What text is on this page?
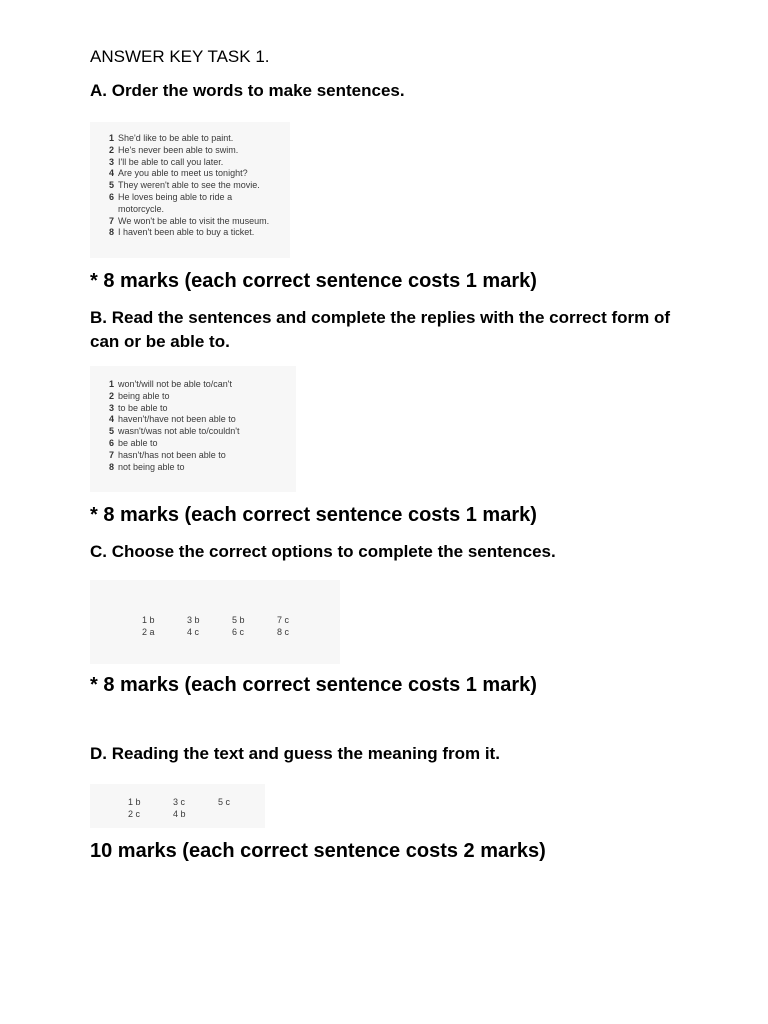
ANSWER KEY TASK 1.
A. Order the words to make sentences.
1 She'd like to be able to paint.
2 He's never been able to swim.
3 I'll be able to call you later.
4 Are you able to meet us tonight?
5 They weren't able to see the movie.
6 He loves being able to ride a motorcycle.
7 We won't be able to visit the museum.
8 I haven't been able to buy a ticket.

* 8 marks (each correct sentence costs 1 mark)

B. Read the sentences and complete the replies with the correct form of can or be able to.
1 won't/will not be able to/can't
2 being able to
3 to be able to
4 haven't/have not been able to
5 wasn't/was not able to/couldn't
6 be able to
7 hasn't/has not been able to
8 not being able to

* 8 marks (each correct sentence costs 1 mark)

C. Choose the correct options to complete the sentences.
1 b
2 a
3 b
4 c
5 b
6 c
7 c
8 c

* 8 marks (each correct sentence costs 1 mark)

D. Reading the text and guess the meaning from it.
1 b
2 c
3 c
4 b
5 c

10 marks (each correct sentence costs 2 marks)
